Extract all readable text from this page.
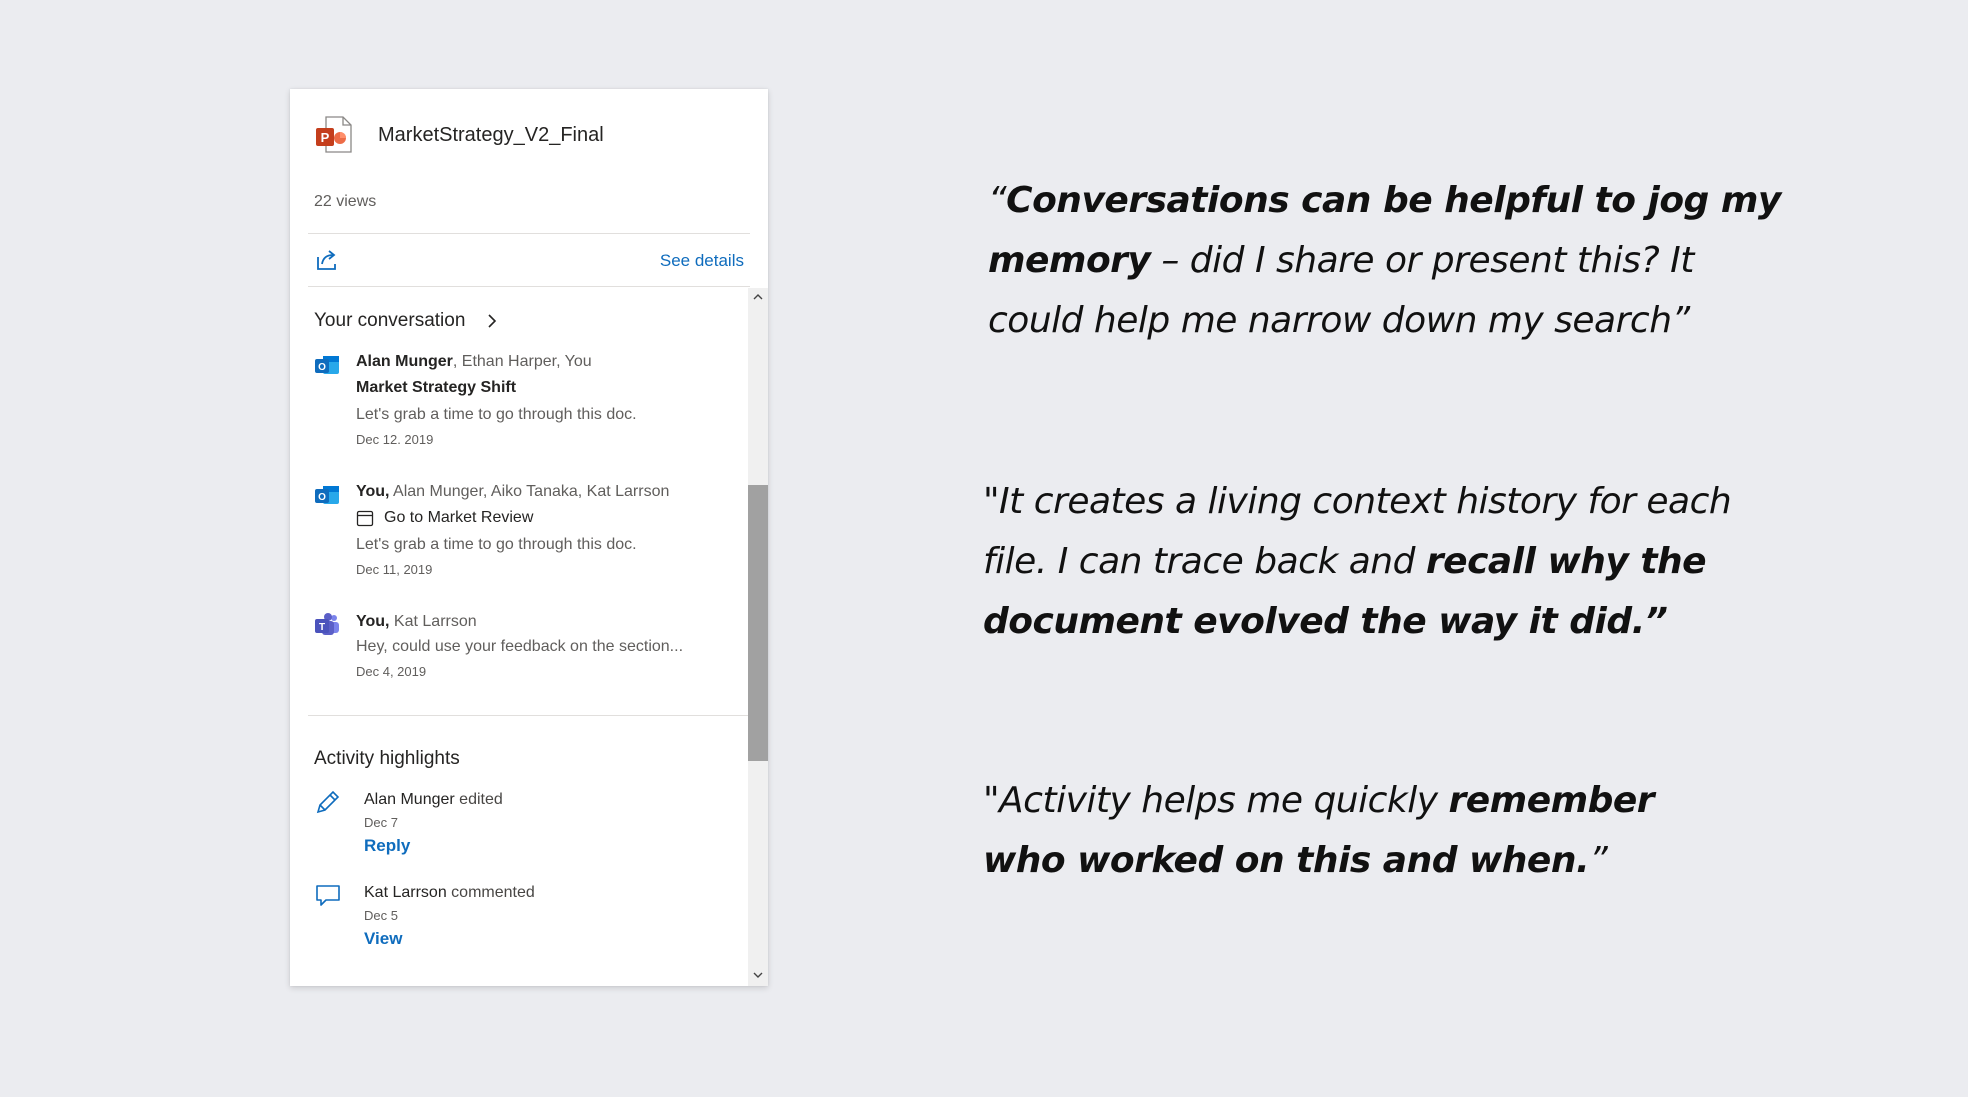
P MarketStrategy_V2_Final
22 views
See details
Your conversation
O Alan Munger, Ethan Harper, You
Market Strategy Shift
Let's grab a time to go through this doc.
Dec 12. 2019
O You, Alan Munger, Aiko Tanaka, Kat Larrson
Go to Market Review
Let's grab a time to go through this doc.
Dec 11, 2019
T You, Kat Larrson
Hey, could use your feedback on the section...
Dec 4, 2019
Activity highlights
Alan Munger edited
Dec 7
Reply
Kat Larrson commented
Dec 5
View
“Conversations can be helpful to jog my
memory – did I share or present this? It
could help me narrow down my search”
"It creates a living context history for each
file. I can trace back and recall why the
document evolved the way it did.”
"Activity helps me quickly remember
who worked on this and when.”
